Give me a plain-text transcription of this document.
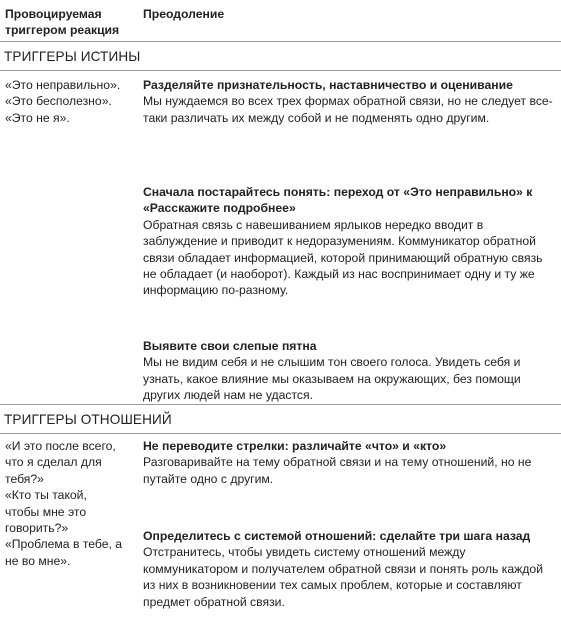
Провоцируемая
триггером реакция
Преодоление
ТРИГГЕРЫ ИСТИНЫ
«Это неправильно».
«Это бесполезно».
«Это не я».
Разделяйте признательность, наставничество и оценивание
Мы нуждаемся во всех трех формах обратной связи, но не следует все-таки различать их между собой и не подменять одно другим.
Сначала постарайтесь понять: переход от «Это неправильно» к «Расскажите подробнее»
Обратная связь с навешиванием ярлыков нередко вводит в заблуждение и приводит к недоразумениям. Коммуникатор обратной связи обладает информацией, которой принимающий обратную связь не обладает (и наоборот). Каждый из нас воспринимает одну и ту же информацию по-разному.
Выявите свои слепые пятна
Мы не видим себя и не слышим тон своего голоса. Увидеть себя и узнать, какое влияние мы оказываем на окружающих, без помощи других людей нам не удастся.
ТРИГГЕРЫ ОТНОШЕНИЙ
«И это после всего,
что я сделал для
тебя?»
«Кто ты такой,
чтобы мне это
говорить?»
«Проблема в тебе, а
не во мне».
Не переводите стрелки: различайте «что» и «кто»
Разговаривайте на тему обратной связи и на тему отношений, но не путайте одно с другим.
Определитесь с системой отношений: сделайте три шага назад
Отстранитесь, чтобы увидеть систему отношений между коммуникатором и получателем обратной связи и понять роль каждой из них в возникновении тех самых проблем, которые и составляют предмет обратной связи.
